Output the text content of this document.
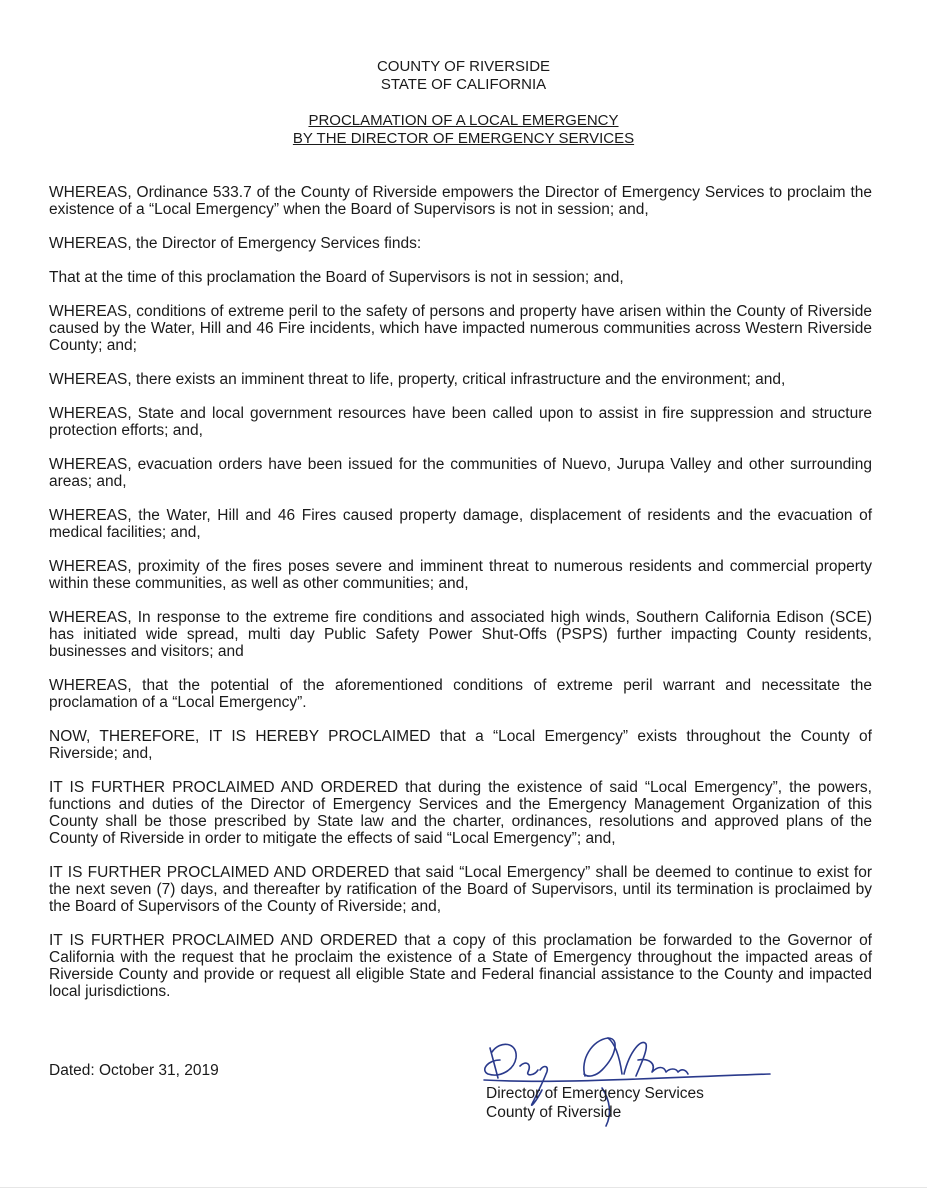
COUNTY OF RIVERSIDE
STATE OF CALIFORNIA
PROCLAMATION OF A LOCAL EMERGENCY
BY THE DIRECTOR OF EMERGENCY SERVICES

WHEREAS, Ordinance 533.7 of the County of Riverside empowers the Director of Emergency Services to proclaim the existence of a “Local Emergency” when the Board of Supervisors is not in session; and,

WHEREAS, the Director of Emergency Services finds:

That at the time of this proclamation the Board of Supervisors is not in session; and,

WHEREAS, conditions of extreme peril to the safety of persons and property have arisen within the County of Riverside caused by the Water, Hill and 46 Fire incidents, which have impacted numerous communities across Western Riverside County; and;

WHEREAS, there exists an imminent threat to life, property, critical infrastructure and the environment; and,

WHEREAS, State and local government resources have been called upon to assist in fire suppression and structure protection efforts; and,

WHEREAS, evacuation orders have been issued for the communities of Nuevo, Jurupa Valley and other surrounding areas; and,

WHEREAS, the Water, Hill and 46 Fires caused property damage, displacement of residents and the evacuation of medical facilities; and,

WHEREAS, proximity of the fires poses severe and imminent threat to numerous residents and commercial property within these communities, as well as other communities; and,

WHEREAS, In response to the extreme fire conditions and associated high winds, Southern California Edison (SCE) has initiated wide spread, multi day Public Safety Power Shut-Offs (PSPS) further impacting County residents, businesses and visitors; and

WHEREAS, that the potential of the aforementioned conditions of extreme peril warrant and necessitate the proclamation of a “Local Emergency”.

NOW, THEREFORE, IT IS HEREBY PROCLAIMED that a “Local Emergency” exists throughout the County of Riverside; and,

IT IS FURTHER PROCLAIMED AND ORDERED that during the existence of said “Local Emergency”, the powers, functions and duties of the Director of Emergency Services and the Emergency Management Organization of this County shall be those prescribed by State law and the charter, ordinances, resolutions and approved plans of the County of Riverside in order to mitigate the effects of said “Local Emergency”; and,

IT IS FURTHER PROCLAIMED AND ORDERED that said “Local Emergency” shall be deemed to continue to exist for the next seven (7) days, and thereafter by ratification of the Board of Supervisors, until its termination is proclaimed by the Board of Supervisors of the County of Riverside; and,

IT IS FURTHER PROCLAIMED AND ORDERED that a copy of this proclamation be forwarded to the Governor of California with the request that he proclaim the existence of a State of Emergency throughout the impacted areas of Riverside County and provide or request all eligible State and Federal financial assistance to the County and impacted local jurisdictions.

Dated: October 31, 2019
Director of Emergency Services
County of Riverside
